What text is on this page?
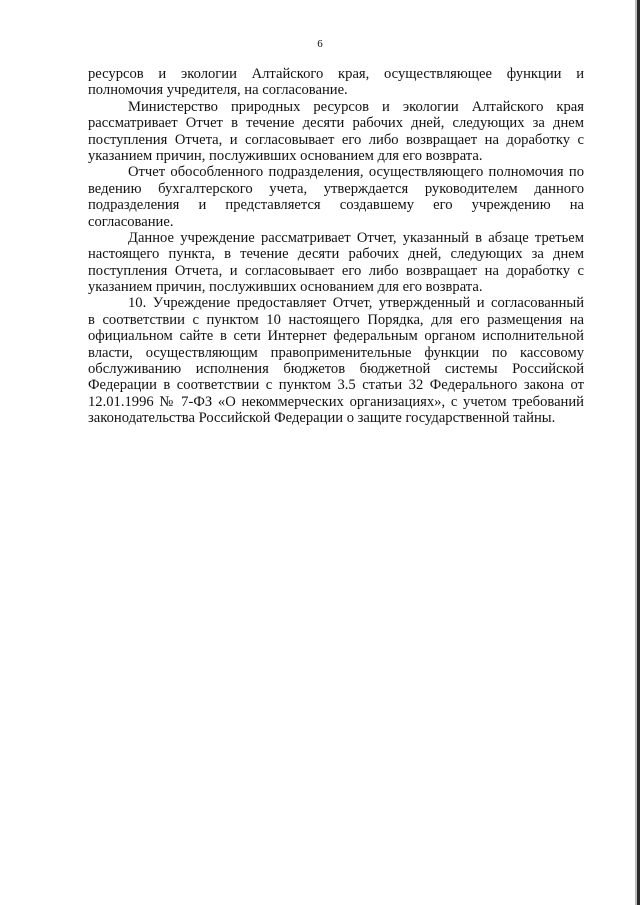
6
ресурсов и экологии Алтайского края, осуществляющее функции и
полномочия учредителя, на согласование.
Министерство природных ресурсов и экологии Алтайского края
рассматривает Отчет в течение десяти рабочих дней, следующих за днем
поступления Отчета, и согласовывает его либо возвращает на доработку с
указанием причин, послуживших основанием для его возврата.
Отчет обособленного подразделения, осуществляющего полномочия по
ведению бухгалтерского учета, утверждается руководителем данного
подразделения и представляется создавшему его учреждению на
согласование.
Данное учреждение рассматривает Отчет, указанный в абзаце третьем
настоящего пункта, в течение десяти рабочих дней, следующих за днем
поступления Отчета, и согласовывает его либо возвращает на доработку с
указанием причин, послуживших основанием для его возврата.
10. Учреждение предоставляет Отчет, утвержденный и согласованный
в соответствии с пунктом 10 настоящего Порядка, для его размещения на
официальном сайте в сети Интернет федеральным органом исполнительной
власти, осуществляющим правоприменительные функции по кассовому
обслуживанию исполнения бюджетов бюджетной системы Российской
Федерации в соответствии с пунктом 3.5 статьи 32 Федерального закона от
12.01.1996 № 7-ФЗ «О некоммерческих организациях», с учетом требований
законодательства Российской Федерации о защите государственной тайны.
